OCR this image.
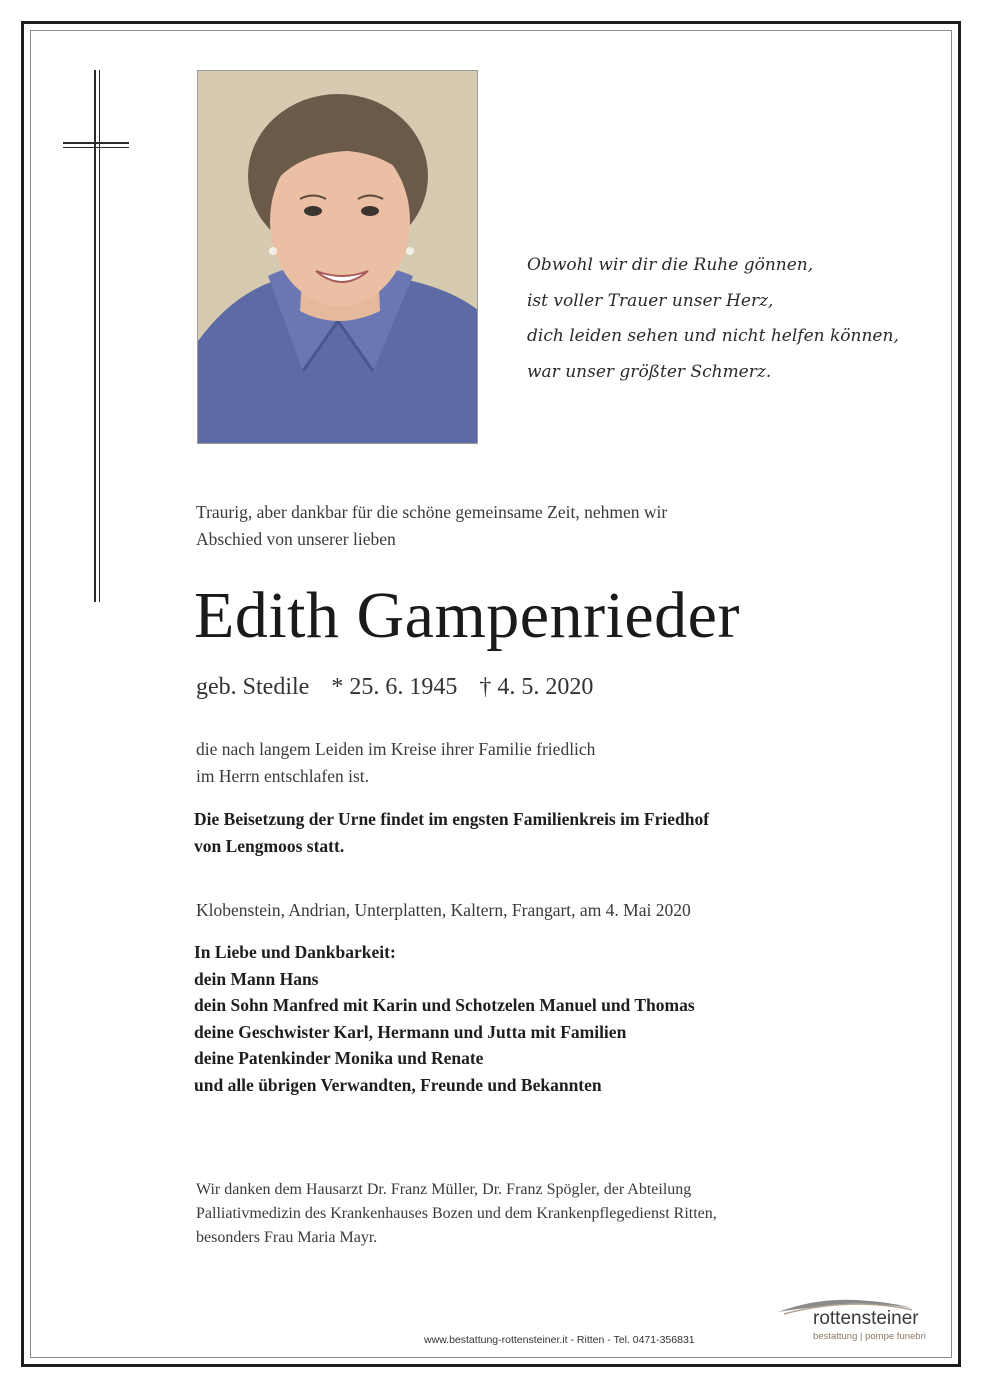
Obwohl wir dir die Ruhe gönnen,
ist voller Trauer unser Herz,
dich leiden sehen und nicht helfen können,
war unser größter Schmerz.
Traurig, aber dankbar für die schöne gemeinsame Zeit, nehmen wir
Abschied von unserer lieben
Edith Gampenrieder
geb. Stedile * 25. 6. 1945 † 4. 5. 2020
die nach langem Leiden im Kreise ihrer Familie friedlich
im Herrn entschlafen ist.
Die Beisetzung der Urne findet im engsten Familienkreis im Friedhof
von Lengmoos statt.
Klobenstein, Andrian, Unterplatten, Kaltern, Frangart, am 4. Mai 2020
In Liebe und Dankbarkeit:
dein Mann Hans
dein Sohn Manfred mit Karin und Schotzelen Manuel und Thomas
deine Geschwister Karl, Hermann und Jutta mit Familien
deine Patenkinder Monika und Renate
und alle übrigen Verwandten, Freunde und Bekannten
Wir danken dem Hausarzt Dr. Franz Müller, Dr. Franz Spögler, der Abteilung
Palliativmedizin des Krankenhauses Bozen und dem Krankenpflegedienst Ritten,
besonders Frau Maria Mayr.
www.bestattung-rottensteiner.it - Ritten - Tel. 0471-356831
rottensteiner
bestattung | pompe funebri
